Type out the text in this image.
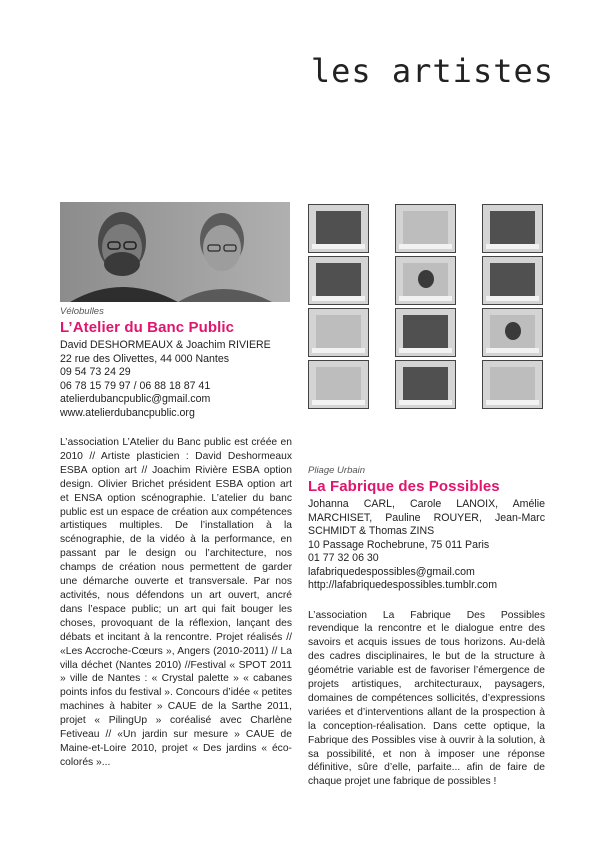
les artistes
Vélobulles
L’Atelier du Banc Public
David DESHORMEAUX & Joachim RIVIERE
22 rue des Olivettes, 44 000 Nantes
09 54 73 24 29
06 78 15 79 97 / 06 88 18 87 41
atelierdubancpublic@gmail.com
www.atelierdubancpublic.org
L’association L’Atelier du Banc public est créée en 2010 // Artiste plasticien : David Deshormeaux ESBA option art // Joachim Rivière ESBA option design. Olivier Brichet président ESBA option art et ENSA option scénographie. L’atelier du banc public est un espace de création aux compétences artistiques multiples. De l’installation à la scénographie, de la vidéo à la performance, en passant par le design ou l’architecture, nos champs de création nous permettent de garder une démarche ouverte et transversale. Par nos activités, nous défendons un art ouvert, ancré dans l’espace public; un art qui fait bouger les choses, provoquant de la réflexion, lançant des débats et incitant à la rencontre. Projet réalisés // «Les Accroche-Cœurs », Angers (2010-2011) // La villa déchet (Nantes 2010) //Festival « SPOT 2011 » ville de Nantes : « Crystal palette » « cabanes points infos du festival ». Concours d’idée « petites machines à habiter » CAUE de la Sarthe 2011, projet « PilingUp » coréalisé avec Charlène Fetiveau // «Un jardin sur mesure » CAUE de Maine-et-Loire 2010, projet « Des jardins « éco-colorés »...
Pliage Urbain
La Fabrique des Possibles
Johanna CARL, Carole LANOIX, Amélie MARCHISET, Pauline ROUYER, Jean-Marc SCHMIDT & Thomas ZINS
10 Passage Rochebrune, 75 011 Paris
01 77 32 06 30
lafabriquedespossibles@gmail.com
http://lafabriquedespossibles.tumblr.com
L’association La Fabrique Des Possibles revendique la rencontre et le dialogue entre des savoirs et acquis issues de tous horizons. Au-delà des cadres disciplinaires, le but de la structure à géométrie variable est de favoriser l’émergence de projets artistiques, architecturaux, paysagers, domaines de compétences sollicités, d’expressions variées et d’interventions allant de la prospection à la conception-réalisation. Dans cette optique, la Fabrique des Possibles vise à ouvrir à la solution, à sa possibilité, et non à imposer une réponse définitive, sûre d’elle, parfaite... afin de faire de chaque projet une fabrique de possibles !
